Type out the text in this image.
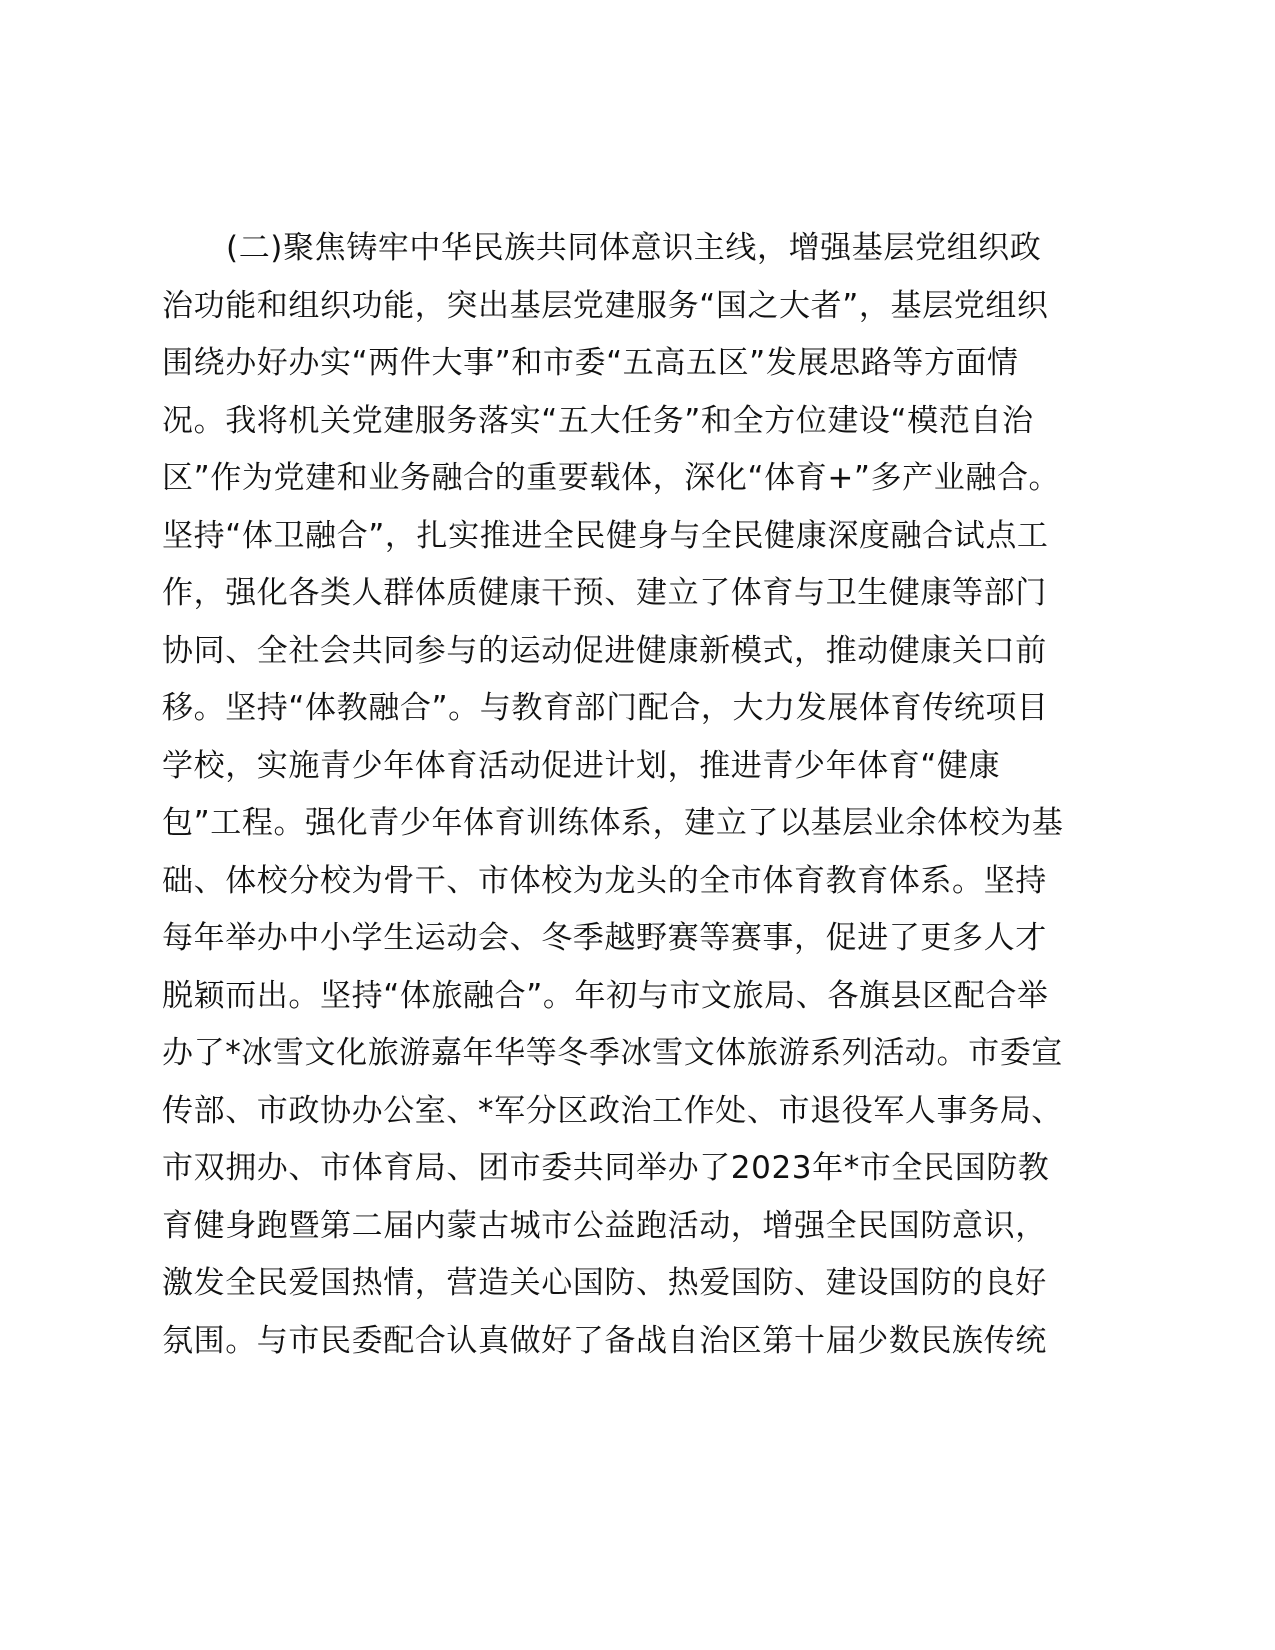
(二)聚焦铸牢中华民族共同体意识主线，增强基层党组织政
治功能和组织功能，突出基层党建服务“国之大者”，基层党组织
围绕办好办实“两件大事”和市委“五高五区”发展思路等方面情
况。我将机关党建服务落实“五大任务”和全方位建设“模范自治
区”作为党建和业务融合的重要载体，深化“体育+”多产业融合。
坚持“体卫融合”，扎实推进全民健身与全民健康深度融合试点工
作，强化各类人群体质健康干预、建立了体育与卫生健康等部门
协同、全社会共同参与的运动促进健康新模式，推动健康关口前
移。坚持“体教融合”。与教育部门配合，大力发展体育传统项目
学校，实施青少年体育活动促进计划，推进青少年体育“健康
包”工程。强化青少年体育训练体系，建立了以基层业余体校为基
础、体校分校为骨干、市体校为龙头的全市体育教育体系。坚持
每年举办中小学生运动会、冬季越野赛等赛事，促进了更多人才
脱颖而出。坚持“体旅融合”。年初与市文旅局、各旗县区配合举
办了*冰雪文化旅游嘉年华等冬季冰雪文体旅游系列活动。市委宣
传部、市政协办公室、*军分区政治工作处、市退役军人事务局、
市双拥办、市体育局、团市委共同举办了2023年*市全民国防教
育健身跑暨第二届内蒙古城市公益跑活动，增强全民国防意识，
激发全民爱国热情，营造关心国防、热爱国防、建设国防的良好
氛围。与市民委配合认真做好了备战自治区第十届少数民族传统
